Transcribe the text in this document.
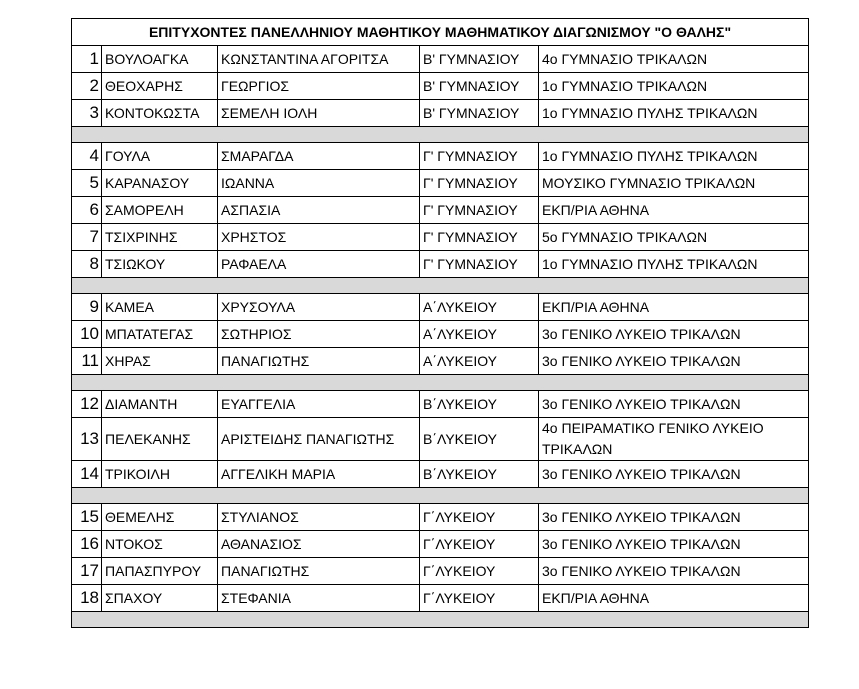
ΕΠΙΤΥΧΟΝΤΕΣ ΠΑΝΕΛΛΗΝΙΟΥ ΜΑΘΗΤΙΚΟΥ ΜΑΘΗΜΑΤΙΚΟΥ ΔΙΑΓΩΝΙΣΜΟΥ "Ο ΘΑΛΗΣ"				
1	ΒΟΥΛΟΑΓΚΑ	ΚΩΝΣΤΑΝΤΙΝΑ ΑΓΟΡΙΤΣΑ	Β' ΓΥΜΝΑΣΙΟΥ	4ο ΓΥΜΝΑΣΙΟ ΤΡΙΚΑΛΩΝ
2	ΘΕΟΧΑΡΗΣ	ΓΕΩΡΓΙΟΣ	Β' ΓΥΜΝΑΣΙΟΥ	1ο ΓΥΜΝΑΣΙΟ ΤΡΙΚΑΛΩΝ
3	ΚΟΝΤΟΚΩΣΤΑ	ΣΕΜΕΛΗ ΙΟΛΗ	Β' ΓΥΜΝΑΣΙΟΥ	1ο ΓΥΜΝΑΣΙΟ ΠΥΛΗΣ ΤΡΙΚΑΛΩΝ

4	ΓΟΥΛΑ	ΣΜΑΡΑΓΔΑ	Γ' ΓΥΜΝΑΣΙΟΥ	1ο ΓΥΜΝΑΣΙΟ ΠΥΛΗΣ ΤΡΙΚΑΛΩΝ
5	ΚΑΡΑΝΑΣΟΥ	ΙΩΑΝΝΑ	Γ' ΓΥΜΝΑΣΙΟΥ	ΜΟΥΣΙΚΟ ΓΥΜΝΑΣΙΟ ΤΡΙΚΑΛΩΝ
6	ΣΑΜΟΡΕΛΗ	ΑΣΠΑΣΙΑ	Γ' ΓΥΜΝΑΣΙΟΥ	ΕΚΠ/ΡΙΑ ΑΘΗΝΑ
7	ΤΣΙΧΡΙΝΗΣ	ΧΡΗΣΤΟΣ	Γ' ΓΥΜΝΑΣΙΟΥ	5ο ΓΥΜΝΑΣΙΟ ΤΡΙΚΑΛΩΝ
8	ΤΣΙΩΚΟΥ	ΡΑΦΑΕΛΑ	Γ' ΓΥΜΝΑΣΙΟΥ	1ο ΓΥΜΝΑΣΙΟ ΠΥΛΗΣ ΤΡΙΚΑΛΩΝ

9	ΚΑΜΕΑ	ΧΡΥΣΟΥΛΑ	Α΄ΛΥΚΕΙΟΥ	ΕΚΠ/ΡΙΑ ΑΘΗΝΑ
10	ΜΠΑΤΑΤΕΓΑΣ	ΣΩΤΗΡΙΟΣ	Α΄ΛΥΚΕΙΟΥ	3ο ΓΕΝΙΚΟ ΛΥΚΕΙΟ ΤΡΙΚΑΛΩΝ
11	ΧΗΡΑΣ	ΠΑΝΑΓΙΩΤΗΣ	Α΄ΛΥΚΕΙΟΥ	3ο ΓΕΝΙΚΟ ΛΥΚΕΙΟ ΤΡΙΚΑΛΩΝ

12	ΔΙΑΜΑΝΤΗ	ΕΥΑΓΓΕΛΙΑ	Β΄ΛΥΚΕΙΟΥ	3ο ΓΕΝΙΚΟ ΛΥΚΕΙΟ ΤΡΙΚΑΛΩΝ
13	ΠΕΛΕΚΑΝΗΣ	ΑΡΙΣΤΕΙΔΗΣ ΠΑΝΑΓΙΩΤΗΣ	Β΄ΛΥΚΕΙΟΥ	4ο ΠΕΙΡΑΜΑΤΙΚΟ ΓΕΝΙΚΟ ΛΥΚΕΙΟ ΤΡΙΚΑΛΩΝ
14	ΤΡΙΚΟΙΛΗ	ΑΓΓΕΛΙΚΗ ΜΑΡΙΑ	Β΄ΛΥΚΕΙΟΥ	3ο ΓΕΝΙΚΟ ΛΥΚΕΙΟ ΤΡΙΚΑΛΩΝ

15	ΘΕΜΕΛΗΣ	ΣΤΥΛΙΑΝΟΣ	Γ΄ΛΥΚΕΙΟΥ	3ο ΓΕΝΙΚΟ ΛΥΚΕΙΟ ΤΡΙΚΑΛΩΝ
16	ΝΤΟΚΟΣ	ΑΘΑΝΑΣΙΟΣ	Γ΄ΛΥΚΕΙΟΥ	3ο ΓΕΝΙΚΟ ΛΥΚΕΙΟ ΤΡΙΚΑΛΩΝ
17	ΠΑΠΑΣΠΥΡΟΥ	ΠΑΝΑΓΙΩΤΗΣ	Γ΄ΛΥΚΕΙΟΥ	3ο ΓΕΝΙΚΟ ΛΥΚΕΙΟ ΤΡΙΚΑΛΩΝ
18	ΣΠΑΧΟΥ	ΣΤΕΦΑΝΙΑ	Γ΄ΛΥΚΕΙΟΥ	ΕΚΠ/ΡΙΑ ΑΘΗΝΑ
